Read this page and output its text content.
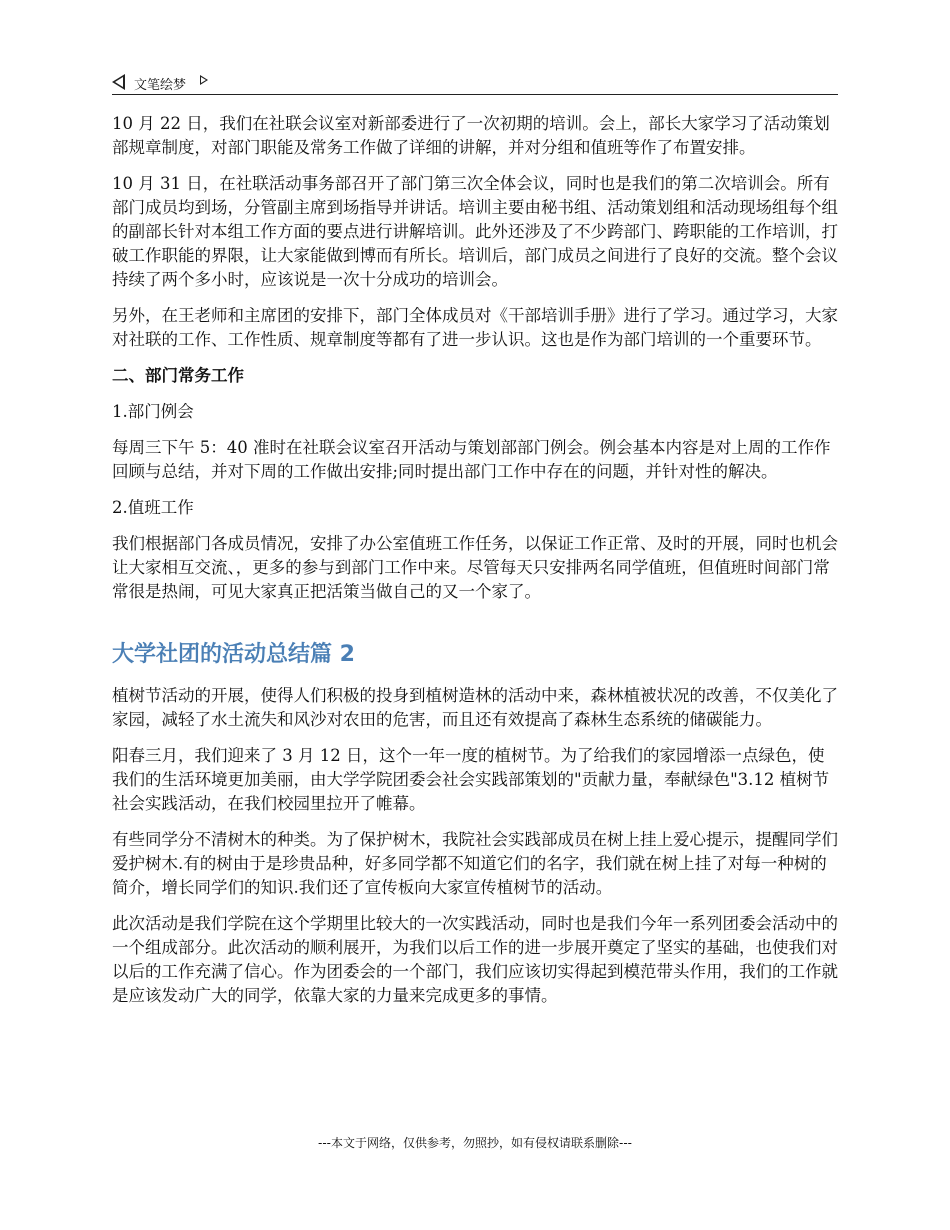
文笔绘梦

10 月 22 日，我们在社联会议室对新部委进行了一次初期的培训。会上，部长大家学习了活动策划部规章制度，对部门职能及常务工作做了详细的讲解，并对分组和值班等作了布置安排。

10 月 31 日，在社联活动事务部召开了部门第三次全体会议，同时也是我们的第二次培训会。所有部门成员均到场，分管副主席到场指导并讲话。培训主要由秘书组、活动策划组和活动现场组每个组的副部长针对本组工作方面的要点进行讲解培训。此外还涉及了不少跨部门、跨职能的工作培训，打破工作职能的界限，让大家能做到博而有所长。培训后，部门成员之间进行了良好的交流。整个会议持续了两个多小时，应该说是一次十分成功的培训会。

另外，在王老师和主席团的安排下，部门全体成员对《干部培训手册》进行了学习。通过学习，大家对社联的工作、工作性质、规章制度等都有了进一步认识。这也是作为部门培训的一个重要环节。

二、部门常务工作

1.部门例会

每周三下午 5：40 准时在社联会议室召开活动与策划部部门例会。例会基本内容是对上周的工作作回顾与总结，并对下周的工作做出安排;同时提出部门工作中存在的问题，并针对性的解决。

2.值班工作

我们根据部门各成员情况，安排了办公室值班工作任务，以保证工作正常、及时的开展，同时也机会让大家相互交流、，更多的参与到部门工作中来。尽管每天只安排两名同学值班，但值班时间部门常常很是热闹，可见大家真正把活策当做自己的又一个家了。

大学社团的活动总结篇 2

植树节活动的开展，使得人们积极的投身到植树造林的活动中来，森林植被状况的改善，不仅美化了家园，减轻了水土流失和风沙对农田的危害，而且还有效提高了森林生态系统的储碳能力。

阳春三月，我们迎来了 3 月 12 日，这个一年一度的植树节。为了给我们的家园增添一点绿色，使我们的生活环境更加美丽，由大学学院团委会社会实践部策划的"贡献力量，奉献绿色"3.12 植树节社会实践活动，在我们校园里拉开了帷幕。

有些同学分不清树木的种类。为了保护树木，我院社会实践部成员在树上挂上爱心提示，提醒同学们爱护树木.有的树由于是珍贵品种，好多同学都不知道它们的名字，我们就在树上挂了对每一种树的简介，增长同学们的知识.我们还了宣传板向大家宣传植树节的活动。

此次活动是我们学院在这个学期里比较大的一次实践活动，同时也是我们今年一系列团委会活动中的一个组成部分。此次活动的顺利展开，为我们以后工作的进一步展开奠定了坚实的基础，也使我们对以后的工作充满了信心。作为团委会的一个部门，我们应该切实得起到模范带头作用，我们的工作就是应该发动广大的同学，依靠大家的力量来完成更多的事情。

---本文于网络，仅供参考，勿照抄，如有侵权请联系删除---
